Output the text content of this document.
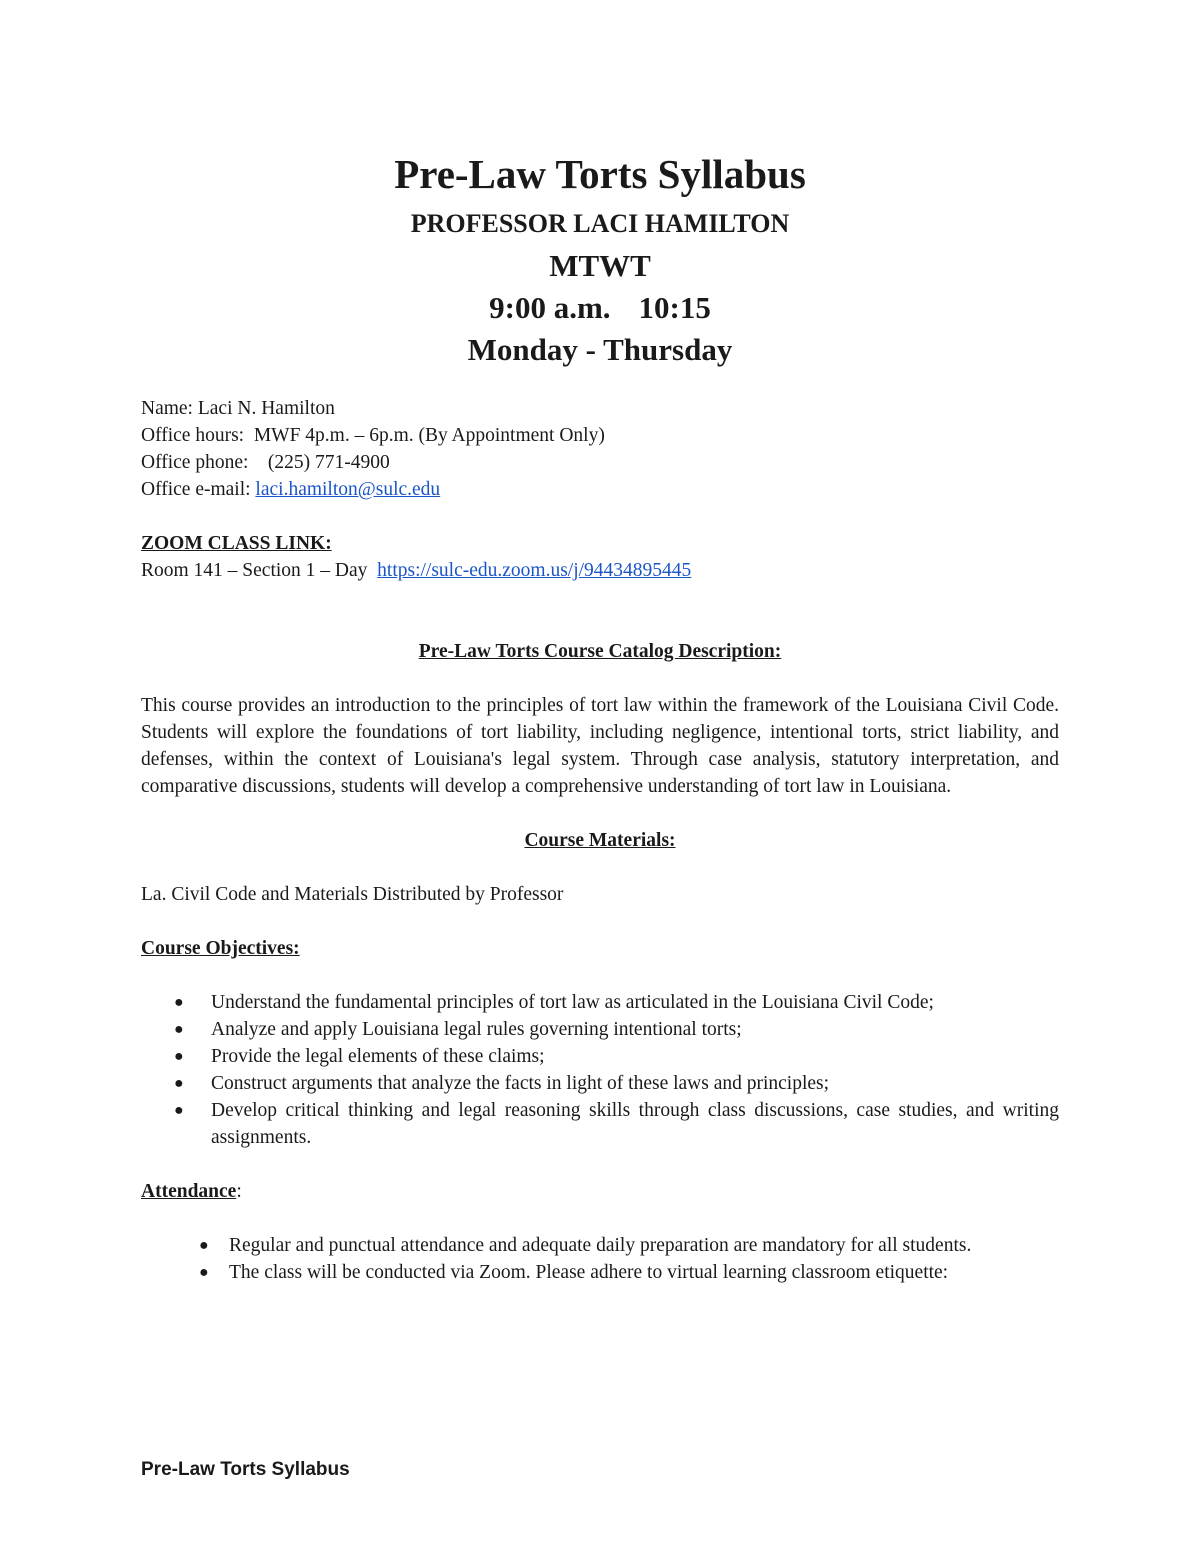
Pre-Law Torts Syllabus

PROFESSOR LACI HAMILTON

MTWT

9:00 a.m. 10:15

Monday - Thursday

Name: Laci N. Hamilton

Office hours: MWF 4p.m. – 6p.m. (By Appointment Only)

Office phone: (225) 771-4900

Office e-mail: laci.hamilton@sulc.edu

ZOOM CLASS LINK:

Room 141 – Section 1 – Day https://sulc-edu.zoom.us/j/94434895445

Pre-Law Torts Course Catalog Description:

This course provides an introduction to the principles of tort law within the framework of the Louisiana Civil Code. Students will explore the foundations of tort liability, including negligence, intentional torts, strict liability, and defenses, within the context of Louisiana's legal system. Through case analysis, statutory interpretation, and comparative discussions, students will develop a comprehensive understanding of tort law in Louisiana.

Course Materials:

La. Civil Code and Materials Distributed by Professor

Course Objectives:

● Understand the fundamental principles of tort law as articulated in the Louisiana Civil Code;
● Analyze and apply Louisiana legal rules governing intentional torts;
● Provide the legal elements of these claims;
● Construct arguments that analyze the facts in light of these laws and principles;
● Develop critical thinking and legal reasoning skills through class discussions, case studies, and writing assignments.

Attendance:

● Regular and punctual attendance and adequate daily preparation are mandatory for all students.
● The class will be conducted via Zoom. Please adhere to virtual learning classroom etiquette:
Pre-Law Torts Syllabus
